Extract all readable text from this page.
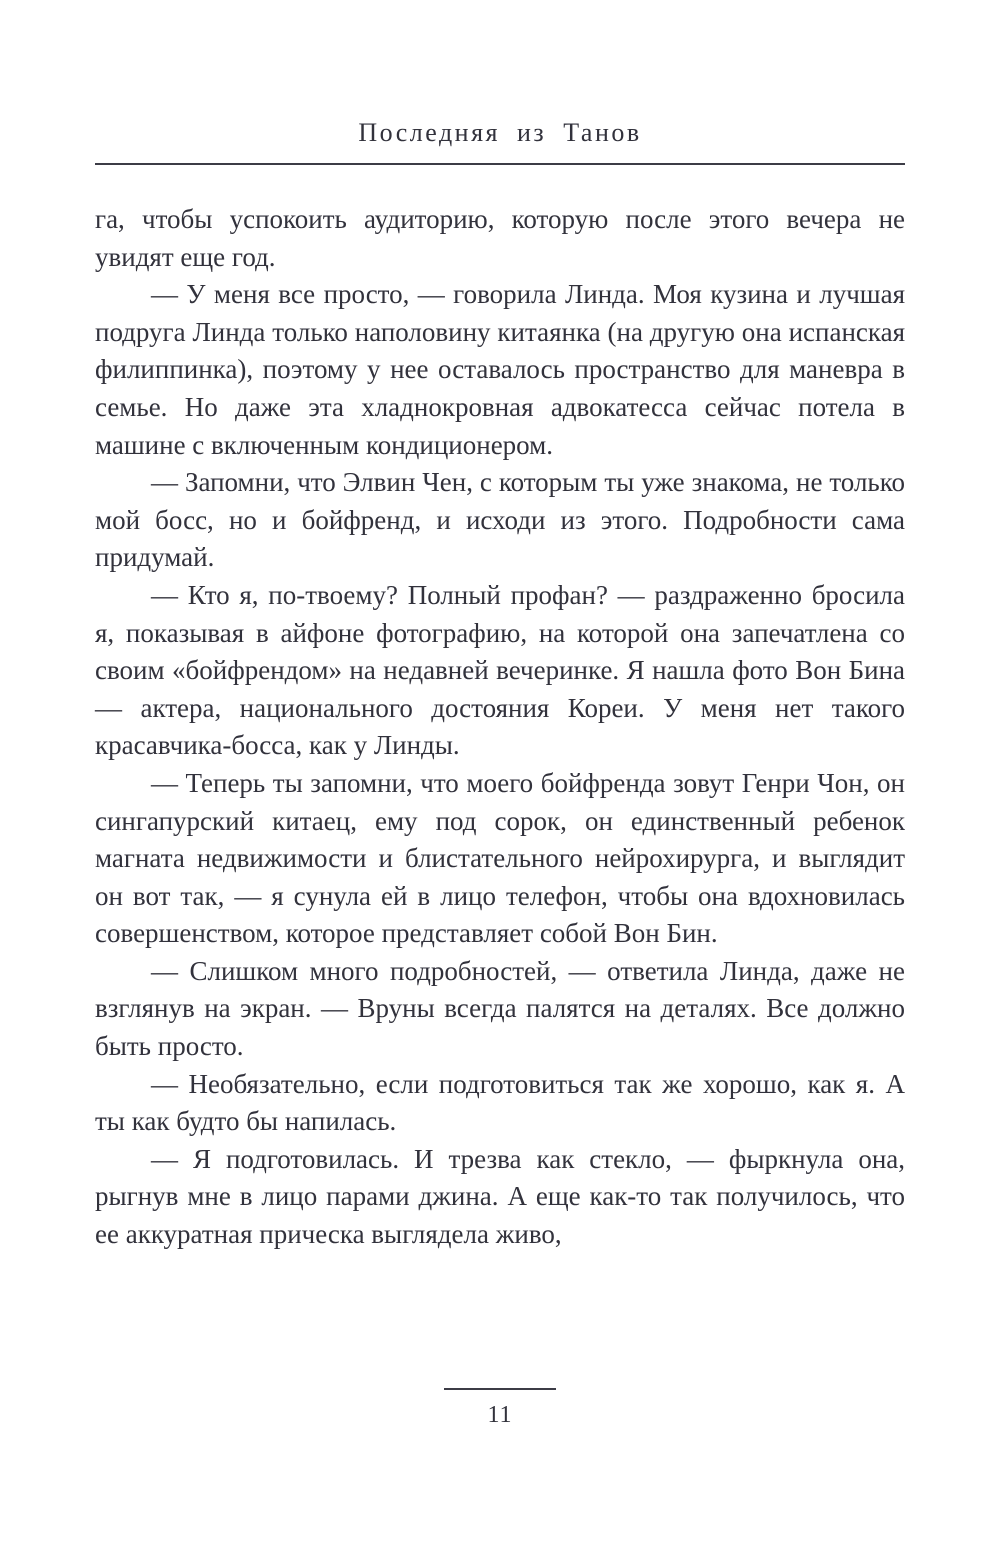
Последняя из Танов

га, чтобы успокоить аудиторию, которую после этого вечера не увидят еще год.

— У меня все просто, — говорила Линда. Моя кузина и лучшая подруга Линда только наполовину китаянка (на другую она испанская филиппинка), поэтому у нее оставалось пространство для маневра в семье. Но даже эта хладнокровная адвокатесса сейчас потела в машине с включенным кондиционером.

— Запомни, что Элвин Чен, с которым ты уже знакома, не только мой босс, но и бойфренд, и исходи из этого. Подробности сама придумай.

— Кто я, по-твоему? Полный профан? — раздраженно бросила я, показывая в айфоне фотографию, на которой она запечатлена со своим «бойфрендом» на недавней вечеринке. Я нашла фото Вон Бина — актера, национального достояния Кореи. У меня нет такого красавчика-босса, как у Линды.

— Теперь ты запомни, что моего бойфренда зовут Генри Чон, он сингапурский китаец, ему под сорок, он единственный ребенок магната недвижимости и блистательного нейрохирурга, и выглядит он вот так, — я сунула ей в лицо телефон, чтобы она вдохновилась совершенством, которое представляет собой Вон Бин.

— Слишком много подробностей, — ответила Линда, даже не взглянув на экран. — Вруны всегда палятся на деталях. Все должно быть просто.

— Необязательно, если подготовиться так же хорошо, как я. А ты как будто бы напилась.

— Я подготовилась. И трезва как стекло, — фыркнула она, рыгнув мне в лицо парами джина. А еще как-то так получилось, что ее аккуратная прическа выглядела живо,

11
